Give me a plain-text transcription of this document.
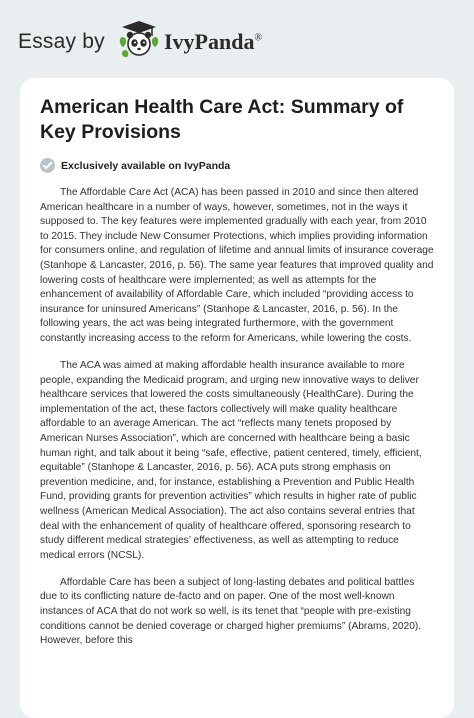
Essay by	IvyPanda®
American Health Care Act: Summary of Key Provisions
Exclusively available on IvyPanda

The Affordable Care Act (ACA) has been passed in 2010 and since then altered American healthcare in a number of ways, however, sometimes, not in the ways it supposed to. The key features were implemented gradually with each year, from 2010 to 2015. They include New Consumer Protections, which implies providing information for consumers online, and regulation of lifetime and annual limits of insurance coverage (Stanhope & Lancaster, 2016, p. 56). The same year features that improved quality and lowering costs of healthcare were implemented; as well as attempts for the enhancement of availability of Affordable Care, which included “providing access to insurance for uninsured Americans” (Stanhope & Lancaster, 2016, p. 56). In the following years, the act was being integrated furthermore, with the government constantly increasing access to the reform for Americans, while lowering the costs.

The ACA was aimed at making affordable health insurance available to more people, expanding the Medicaid program, and urging new innovative ways to deliver healthcare services that lowered the costs simultaneously (HealthCare). During the implementation of the act, these factors collectively will make quality healthcare affordable to an average American. The act “reflects many tenets proposed by American Nurses Association”, which are concerned with healthcare being a basic human right, and talk about it being “safe, effective, patient centered, timely, efficient, equitable” (Stanhope & Lancaster, 2016, p. 56). ACA puts strong emphasis on prevention medicine, and, for instance, establishing a Prevention and Public Health Fund, providing grants for prevention activities” which results in higher rate of public wellness (American Medical Association). The act also contains several entries that deal with the enhancement of quality of healthcare offered, sponsoring research to study different medical strategies’ effectiveness, as well as attempting to reduce medical errors (NCSL).

Affordable Care has been a subject of long-lasting debates and political battles due to its conflicting nature de-facto and on paper. One of the most well-known instances of ACA that do not work so well, is its tenet that “people with pre-existing conditions cannot be denied coverage or charged higher premiums” (Abrams, 2020). However, before this
